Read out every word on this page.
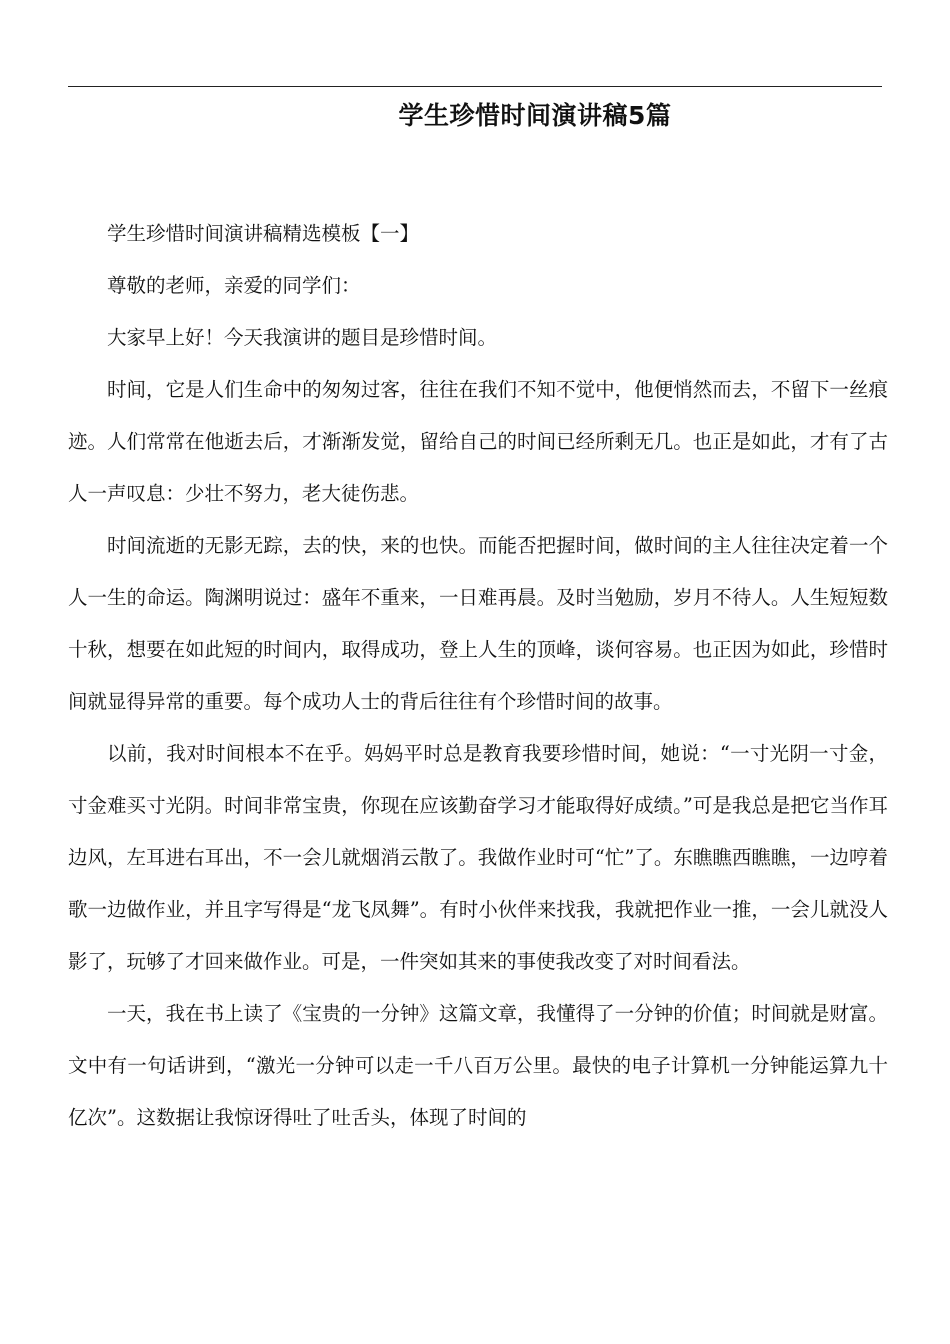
学生珍惜时间演讲稿5篇

学生珍惜时间演讲稿精选模板【一】

尊敬的老师，亲爱的同学们：

大家早上好！今天我演讲的题目是珍惜时间。

时间，它是人们生命中的匆匆过客，往往在我们不知不觉中，他便悄然而去，不留下一丝痕迹。人们常常在他逝去后，才渐渐发觉，留给自己的时间已经所剩无几。也正是如此，才有了古人一声叹息：少壮不努力，老大徒伤悲。

时间流逝的无影无踪，去的快，来的也快。而能否把握时间，做时间的主人往往决定着一个人一生的命运。陶渊明说过：盛年不重来，一日难再晨。及时当勉励，岁月不待人。人生短短数十秋，想要在如此短的时间内，取得成功，登上人生的顶峰，谈何容易。也正因为如此，珍惜时间就显得异常的重要。每个成功人士的背后往往有个珍惜时间的故事。

以前，我对时间根本不在乎。妈妈平时总是教育我要珍惜时间，她说：“一寸光阴一寸金，寸金难买寸光阴。时间非常宝贵，你现在应该勤奋学习才能取得好成绩。”可是我总是把它当作耳边风，左耳进右耳出，不一会儿就烟消云散了。我做作业时可“忙”了。东瞧瞧西瞧瞧，一边哼着歌一边做作业，并且字写得是“龙飞凤舞”。有时小伙伴来找我，我就把作业一推，一会儿就没人影了，玩够了才回来做作业。可是，一件突如其来的事使我改变了对时间看法。

一天，我在书上读了《宝贵的一分钟》这篇文章，我懂得了一分钟的价值；时间就是财富。文中有一句话讲到，“激光一分钟可以走一千八百万公里。最快的电子计算机一分钟能运算九十亿次”。这数据让我惊讶得吐了吐舌头，体现了时间的
